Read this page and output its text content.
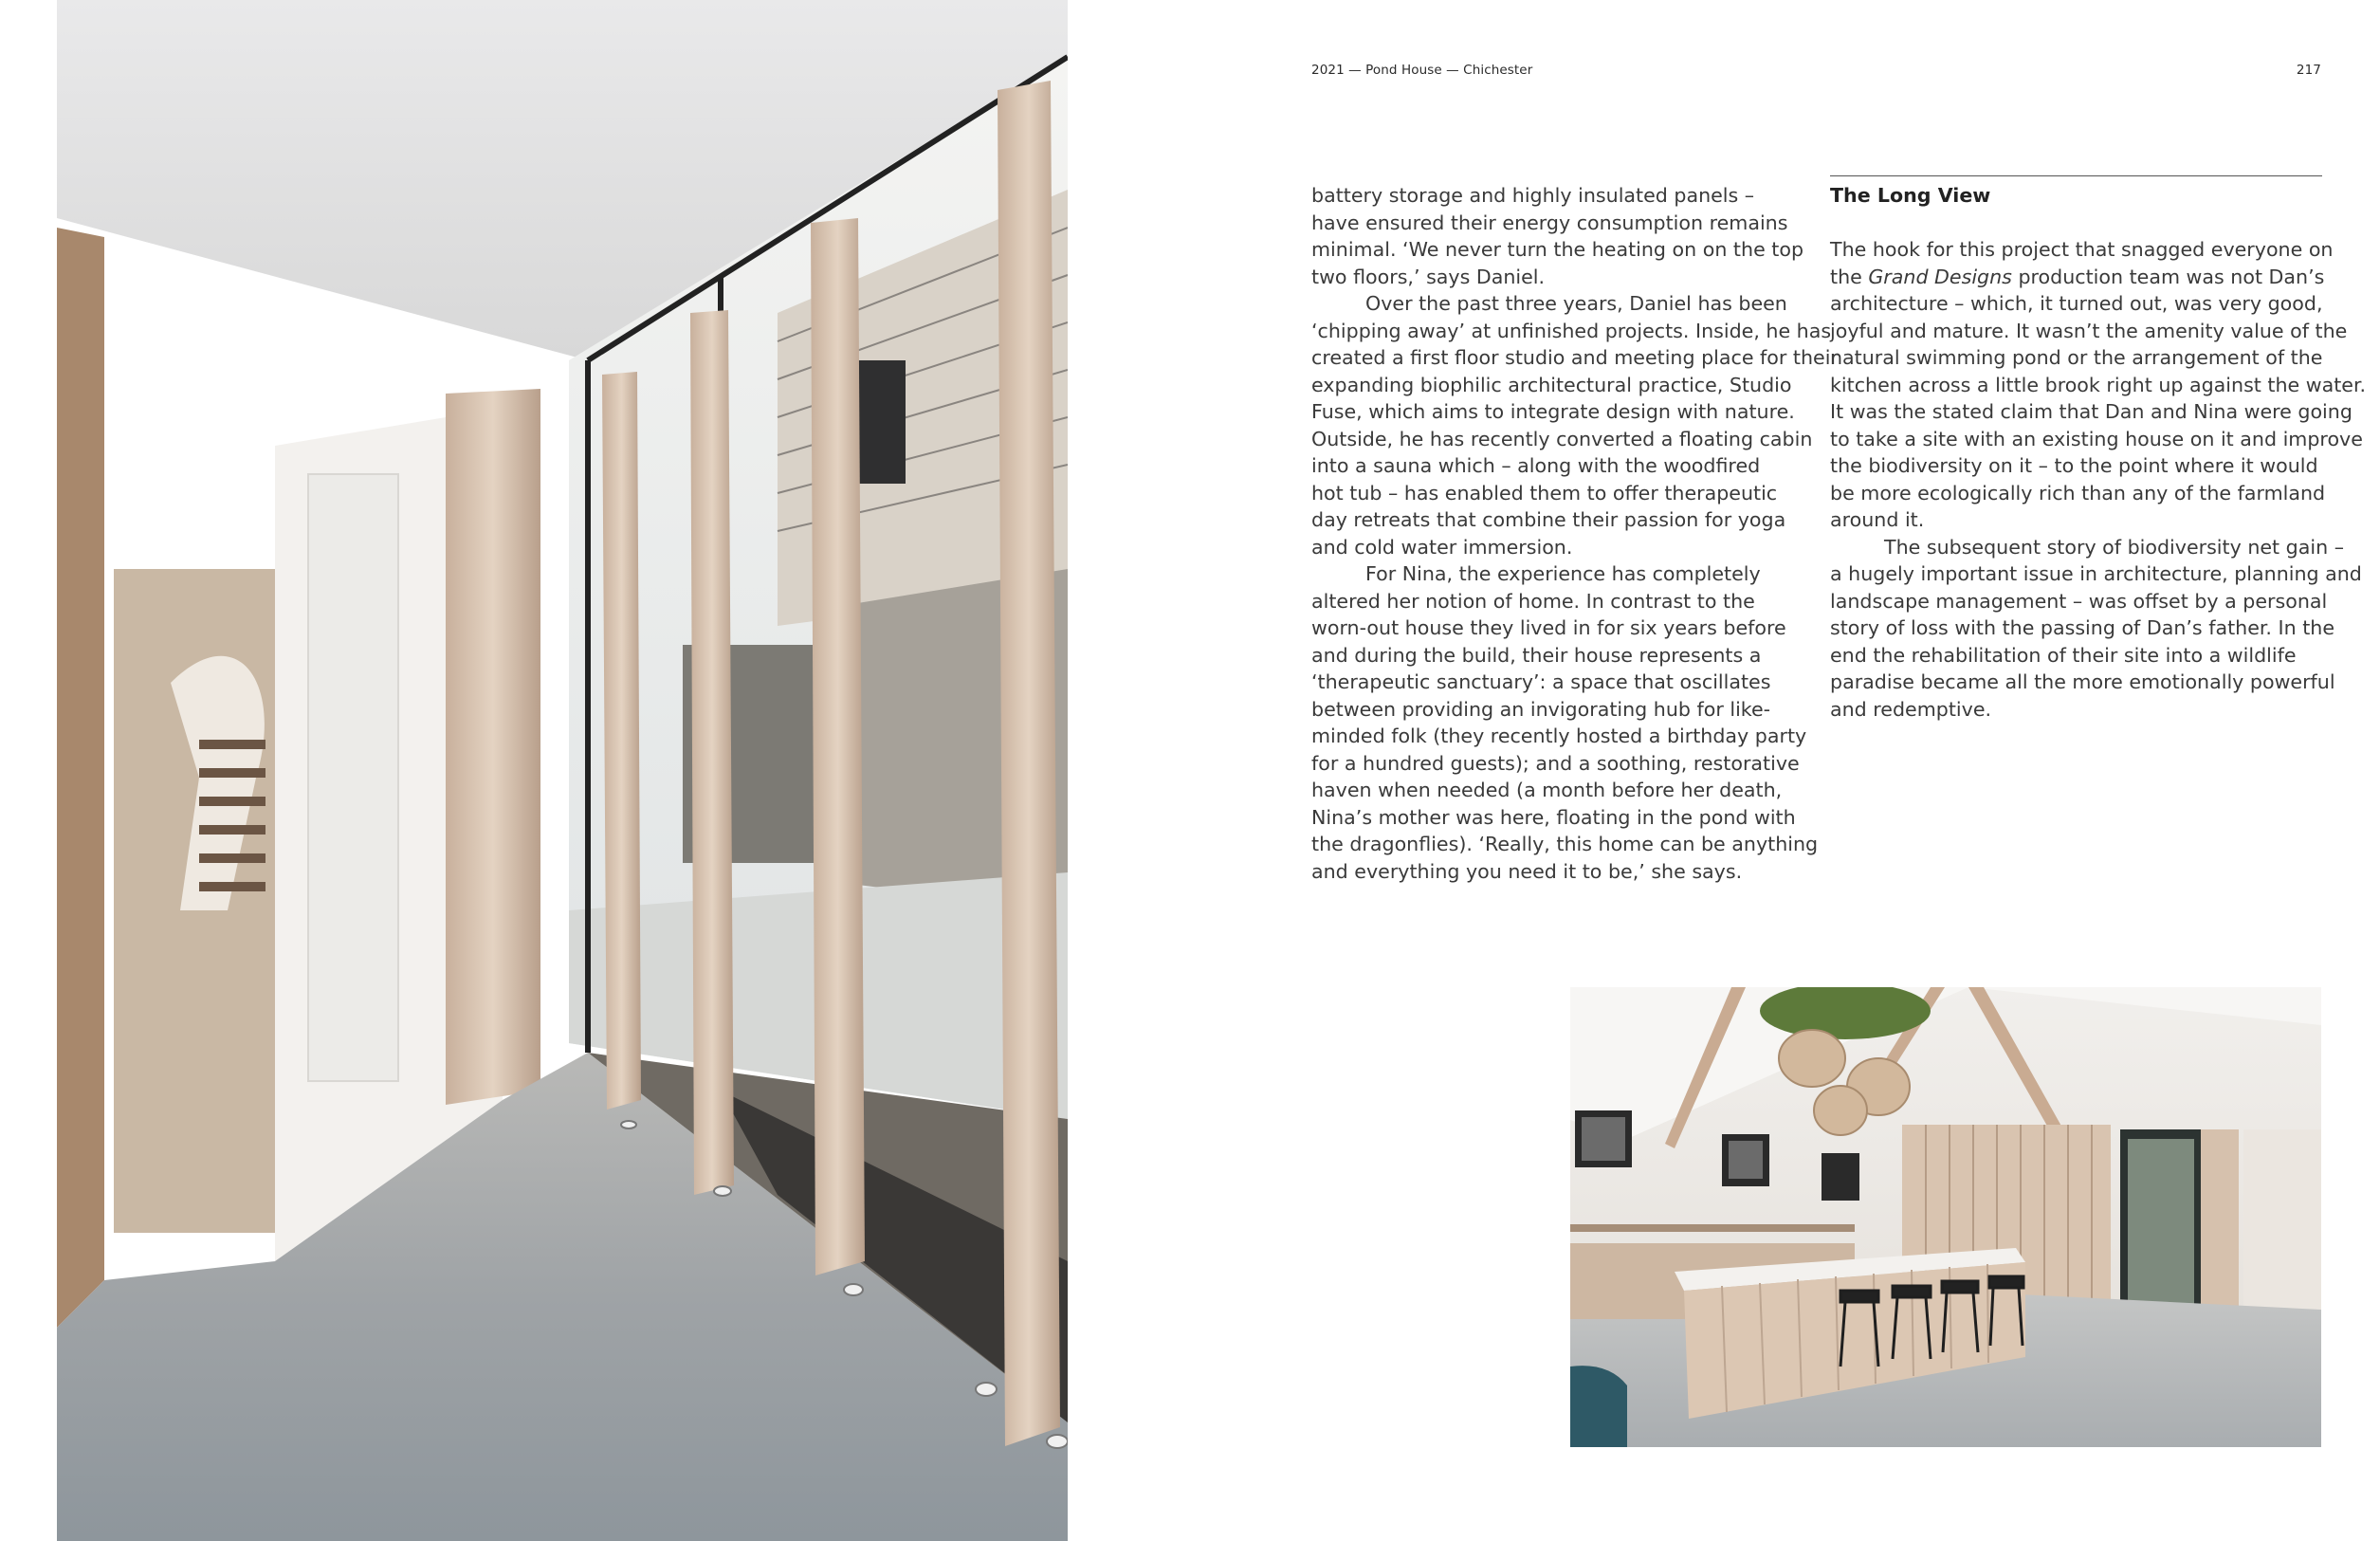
2021 — Pond House — Chichester	217

battery storage and highly insulated panels –

have ensured their energy consumption remains

minimal. ‘We never turn the heating on on the top

two floors,’ says Daniel.

Over the past three years, Daniel has been

‘chipping away’ at unfinished projects. Inside, he has

created a first floor studio and meeting place for their

expanding biophilic architectural practice, Studio

Fuse, which aims to integrate design with nature.

Outside, he has recently converted a floating cabin

into a sauna which – along with the woodfired

hot tub – has enabled them to offer therapeutic

day retreats that combine their passion for yoga

and cold water immersion.

For Nina, the experience has completely

altered her notion of home. In contrast to the

worn-out house they lived in for six years before

and during the build, their house represents a

‘therapeutic sanctuary’: a space that oscillates

between providing an invigorating hub for like-

minded folk (they recently hosted a birthday party

for a hundred guests); and a soothing, restorative

haven when needed (a month before her death,

Nina’s mother was here, floating in the pond with

the dragonflies). ‘Really, this home can be anything

and everything you need it to be,’ she says.

The Long View

The hook for this project that snagged everyone on

the Grand Designs production team was not Dan’s

architecture – which, it turned out, was very good,

joyful and mature. It wasn’t the amenity value of the

natural swimming pond or the arrangement of the

kitchen across a little brook right up against the water.

It was the stated claim that Dan and Nina were going

to take a site with an existing house on it and improve

the biodiversity on it – to the point where it would

be more ecologically rich than any of the farmland

around it.

The subsequent story of biodiversity net gain –

a hugely important issue in architecture, planning and

landscape management – was offset by a personal

story of loss with the passing of Dan’s father. In the

end the rehabilitation of their site into a wildlife

paradise became all the more emotionally powerful

and redemptive.
